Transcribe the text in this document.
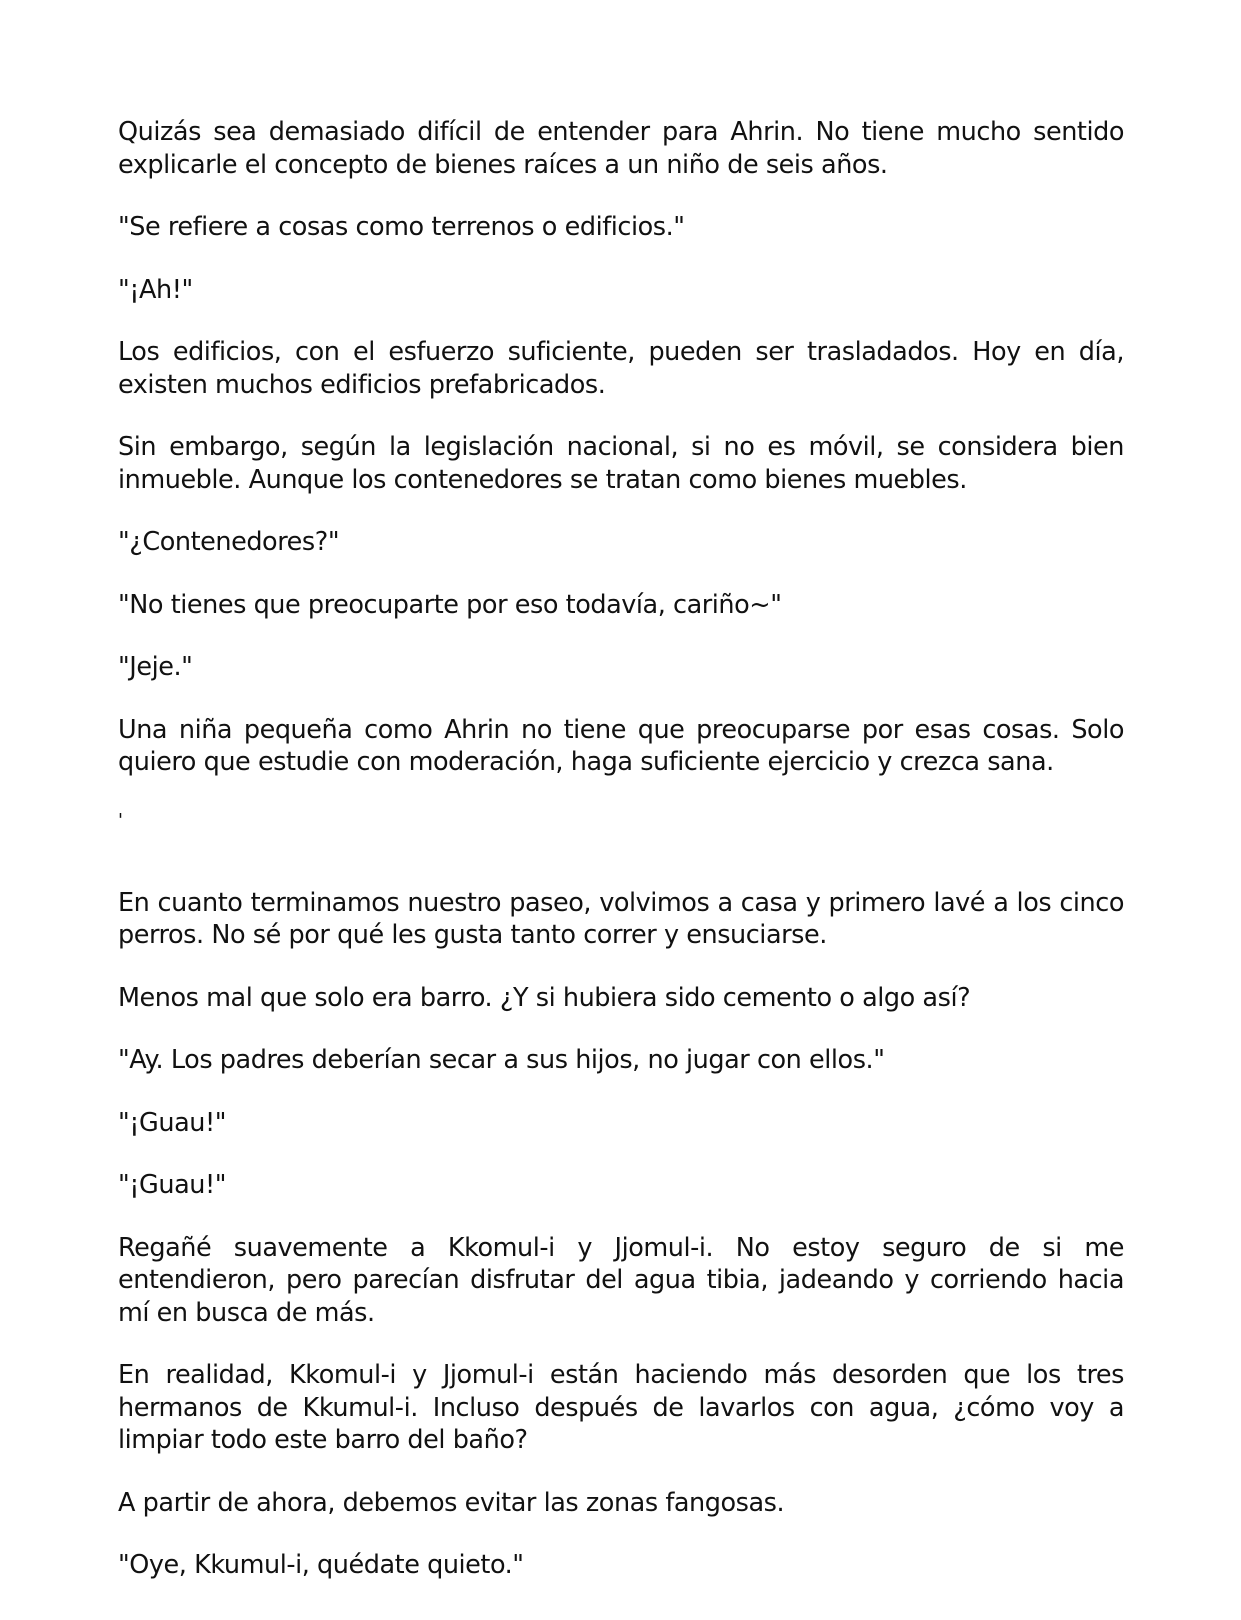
Quizás sea demasiado difícil de entender para Ahrin. No tiene mucho sentido explicarle el concepto de bienes raíces a un niño de seis años.

"Se refiere a cosas como terrenos o edificios."

"¡Ah!"

Los edificios, con el esfuerzo suficiente, pueden ser trasladados. Hoy en día, existen muchos edificios prefabricados.

Sin embargo, según la legislación nacional, si no es móvil, se considera bien inmueble. Aunque los contenedores se tratan como bienes muebles.

"¿Contenedores?"

"No tienes que preocuparte por eso todavía, cariño~"

"Jeje."

Una niña pequeña como Ahrin no tiene que preocuparse por esas cosas. Solo quiero que estudie con moderación, haga suficiente ejercicio y crezca sana.

'

En cuanto terminamos nuestro paseo, volvimos a casa y primero lavé a los cinco perros. No sé por qué les gusta tanto correr y ensuciarse.

Menos mal que solo era barro. ¿Y si hubiera sido cemento o algo así?

"Ay. Los padres deberían secar a sus hijos, no jugar con ellos."

"¡Guau!"

"¡Guau!"

Regañé suavemente a Kkomul-i y Jjomul-i. No estoy seguro de si me entendieron, pero parecían disfrutar del agua tibia, jadeando y corriendo hacia mí en busca de más.

En realidad, Kkomul-i y Jjomul-i están haciendo más desorden que los tres hermanos de Kkumul-i. Incluso después de lavarlos con agua, ¿cómo voy a limpiar todo este barro del baño?

A partir de ahora, debemos evitar las zonas fangosas.

"Oye, Kkumul-i, quédate quieto."
